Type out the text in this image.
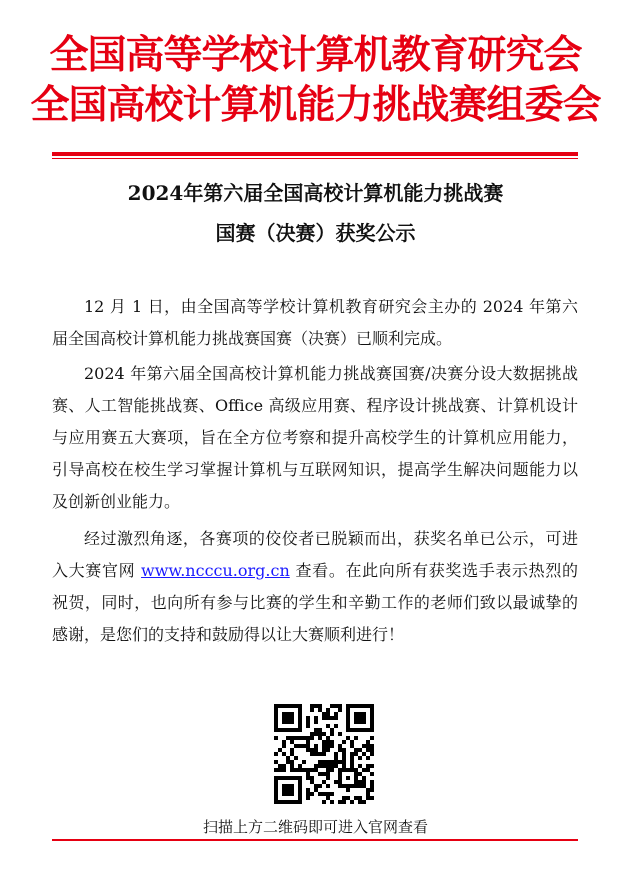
全国高等学校计算机教育研究会
全国高校计算机能力挑战赛组委会
2024年第六届全国高校计算机能力挑战赛
国赛（决赛）获奖公示

12 月 1 日，由全国高等学校计算机教育研究会主办的 2024 年第六届全国高校计算机能力挑战赛国赛（决赛）已顺利完成。

2024 年第六届全国高校计算机能力挑战赛国赛/决赛分设大数据挑战赛、人工智能挑战赛、Office 高级应用赛、程序设计挑战赛、计算机设计与应用赛五大赛项，旨在全方位考察和提升高校学生的计算机应用能力，引导高校在校生学习掌握计算机与互联网知识，提高学生解决问题能力以及创新创业能力。

经过激烈角逐，各赛项的佼佼者已脱颖而出，获奖名单已公示，可进入大赛官网 www.ncccu.org.cn 查看。在此向所有获奖选手表示热烈的祝贺，同时，也向所有参与比赛的学生和辛勤工作的老师们致以最诚挚的感谢，是您们的支持和鼓励得以让大赛顺利进行！

扫描上方二维码即可进入官网查看
